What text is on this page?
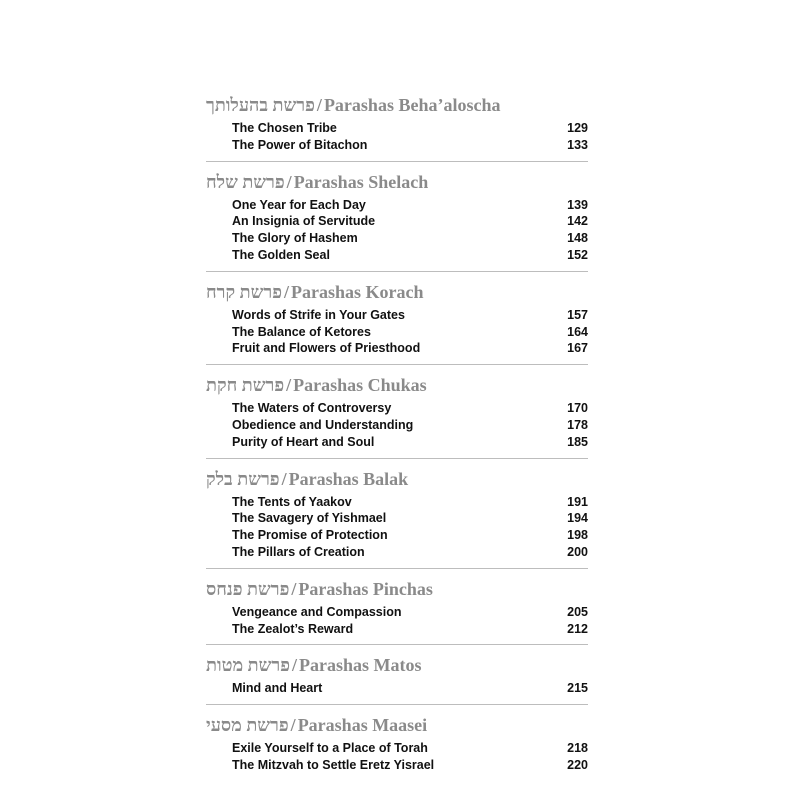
פרשת בהעלותך / Parashas Beha’aloscha
The Chosen Tribe	129
The Power of Bitachon	133
פרשת שלח / Parashas Shelach
One Year for Each Day	139
An Insignia of Servitude	142
The Glory of Hashem	148
The Golden Seal	152
פרשת קרח / Parashas Korach
Words of Strife in Your Gates	157
The Balance of Ketores	164
Fruit and Flowers of Priesthood	167
פרשת חקת / Parashas Chukas
The Waters of Controversy	170
Obedience and Understanding	178
Purity of Heart and Soul	185
פרשת בלק / Parashas Balak
The Tents of Yaakov	191
The Savagery of Yishmael	194
The Promise of Protection	198
The Pillars of Creation	200
פרשת פנחס / Parashas Pinchas
Vengeance and Compassion	205
The Zealot’s Reward	212
פרשת מטות / Parashas Matos
Mind and Heart	215
פרשת מסעי / Parashas Maasei
Exile Yourself to a Place of Torah	218
The Mitzvah to Settle Eretz Yisrael	220
